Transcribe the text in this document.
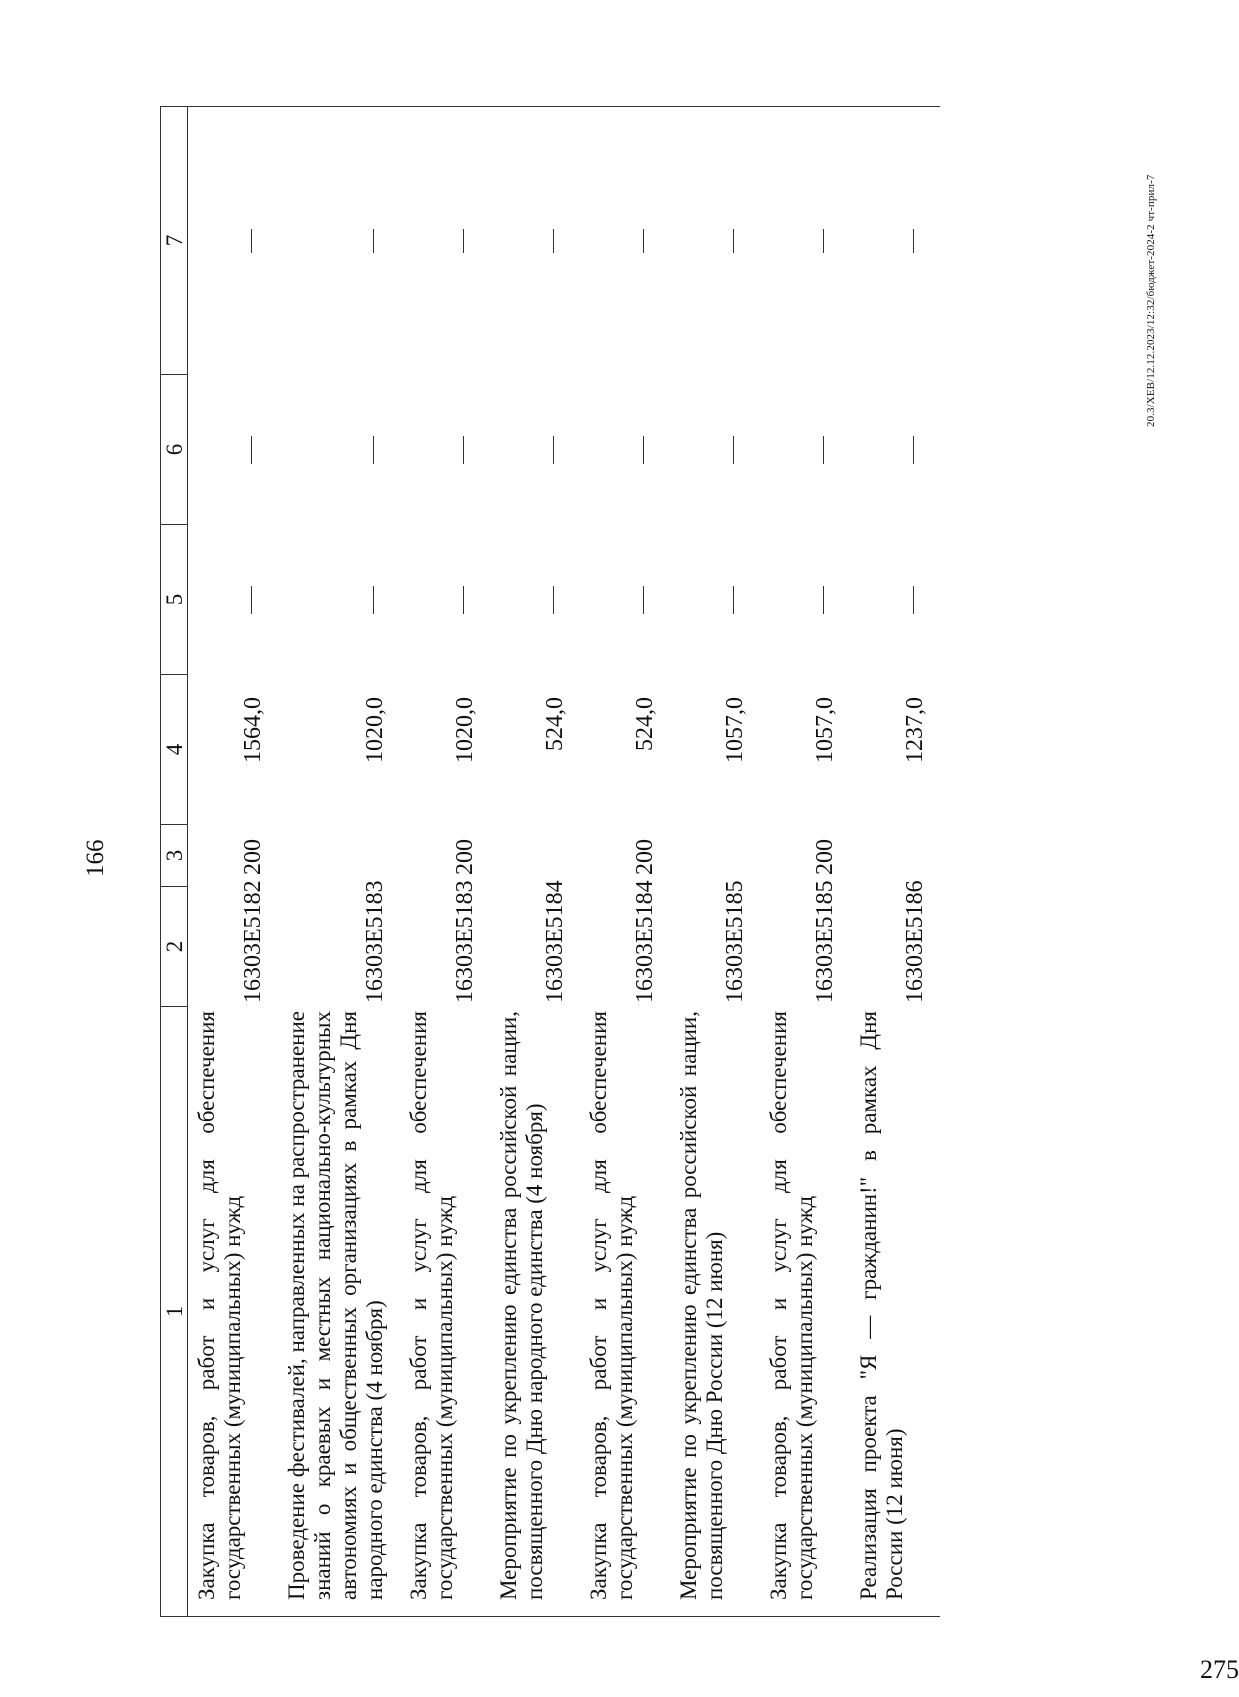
166
1
2
3
4
5
6
7
Закупка товаров, работ и услуг для обеспечения государственных (муниципальных) нужд
16303E5182
200
1564,0
Проведение фестивалей, направленных на распространение знаний о краевых и местных национально-культурных автономиях и общественных организациях в рамках Дня народного единства (4 ноября)
16303E5183
1020,0
Закупка товаров, работ и услуг для обеспечения государственных (муниципальных) нужд
16303E5183
200
1020,0
Мероприятие по укреплению единства российской нации, посвященного Дню народного единства (4 ноября)
16303E5184
524,0
Закупка товаров, работ и услуг для обеспечения государственных (муниципальных) нужд
16303E5184
200
524,0
Мероприятие по укреплению единства российской нации, посвященного Дню России (12 июня)
16303E5185
1057,0
Закупка товаров, работ и услуг для обеспечения государственных (муниципальных) нужд
16303E5185
200
1057,0
Реализация проекта "Я — гражданин!" в рамках Дня России (12 июня)
16303E5186
1237,0
20.3/ХЕВ/12.12.2023/12:32/бюджет-2024-2 чт-прил-7
275
